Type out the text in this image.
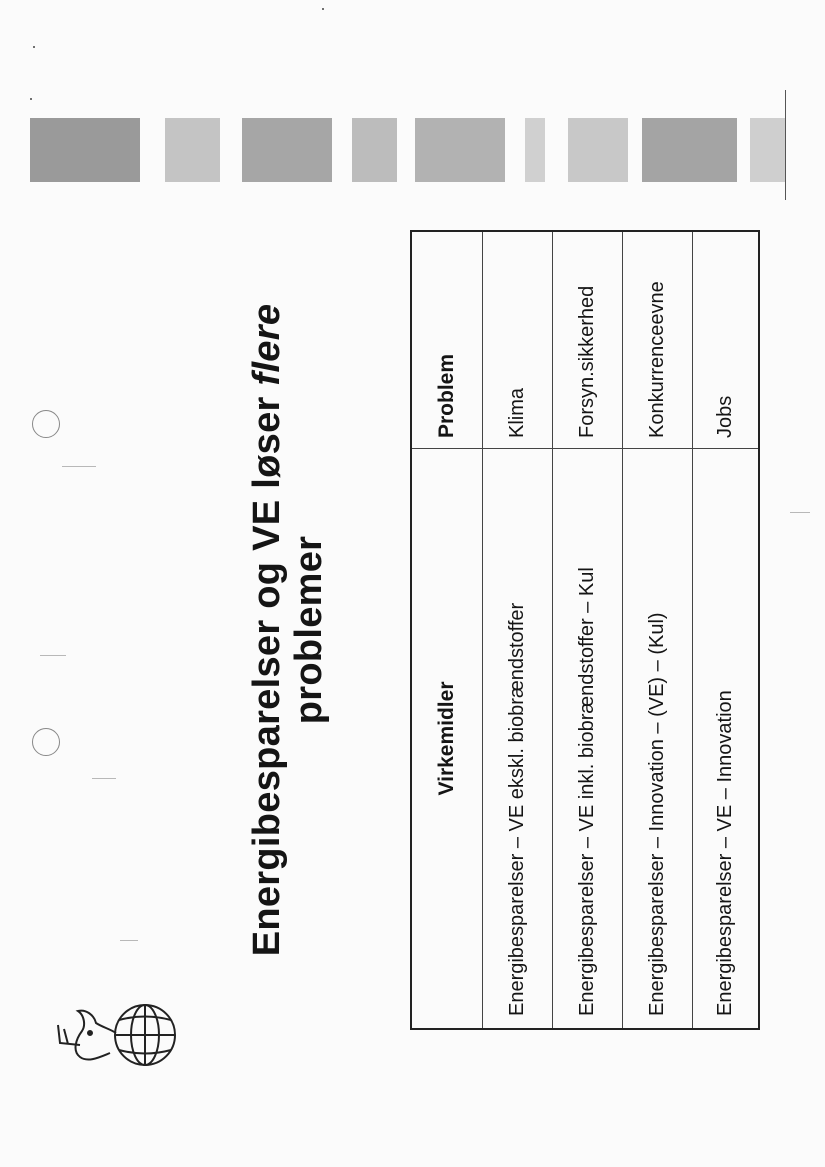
Energibesparelser og VE løser flere
problemer
Virkemidler
Problem
Energibesparelser – VE ekskl. biobrændstoffer
Klima
Energibesparelser – VE inkl. biobrændstoffer – Kul
Forsyn.sikkerhed
Energibesparelser – Innovation – (VE) – (Kul)
Konkurrenceevne
Energibesparelser – VE – Innovation
Jobs
